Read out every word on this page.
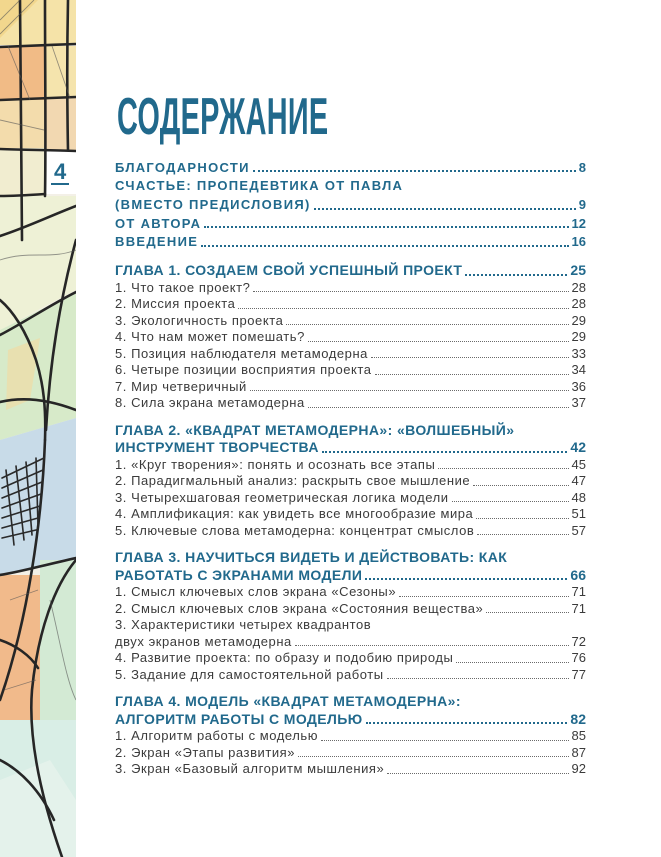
4
СОДЕРЖАНИЕ
БЛАГОДАРНОСТИ	8
СЧАСТЬЕ: ПРОПЕДЕВТИКА ОТ ПАВЛА
(ВМЕСТО ПРЕДИСЛОВИЯ)	9
ОТ АВТОРА	12
ВВЕДЕНИЕ	16
ГЛАВА 1. СОЗДАЕМ СВОЙ УСПЕШНЫЙ ПРОЕКТ	25
1. Что такое проект?	28
2. Миссия проекта	28
3. Экологичность проекта	29
4. Что нам может помешать?	29
5. Позиция наблюдателя метамодерна	33
6. Четыре позиции восприятия проекта	34
7. Мир четверичный	36
8. Сила экрана метамодерна	37
ГЛАВА 2. «КВАДРАТ МЕТАМОДЕРНА»: «ВОЛШЕБНЫЙ»
ИНСТРУМЕНТ ТВОРЧЕСТВА	42
1. «Круг творения»: понять и осознать все этапы	45
2. Парадигмальный анализ: раскрыть свое мышление	47
3. Четырехшаговая геометрическая логика модели	48
4. Амплификация: как увидеть все многообразие мира	51
5. Ключевые слова метамодерна: концентрат смыслов	57
ГЛАВА 3. НАУЧИТЬСЯ ВИДЕТЬ И ДЕЙСТВОВАТЬ: КАК
РАБОТАТЬ С ЭКРАНАМИ МОДЕЛИ	66
1. Смысл ключевых слов экрана «Сезоны»	71
2. Смысл ключевых слов экрана «Состояния вещества»	71
3. Характеристики четырех квадрантов
двух экранов метамодерна	72
4. Развитие проекта: по образу и подобию природы	76
5. Задание для самостоятельной работы	77
ГЛАВА 4. МОДЕЛЬ «КВАДРАТ МЕТАМОДЕРНА»:
АЛГОРИТМ РАБОТЫ С МОДЕЛЬЮ	82
1. Алгоритм работы с моделью	85
2. Экран «Этапы развития»	87
3. Экран «Базовый алгоритм мышления»	92
